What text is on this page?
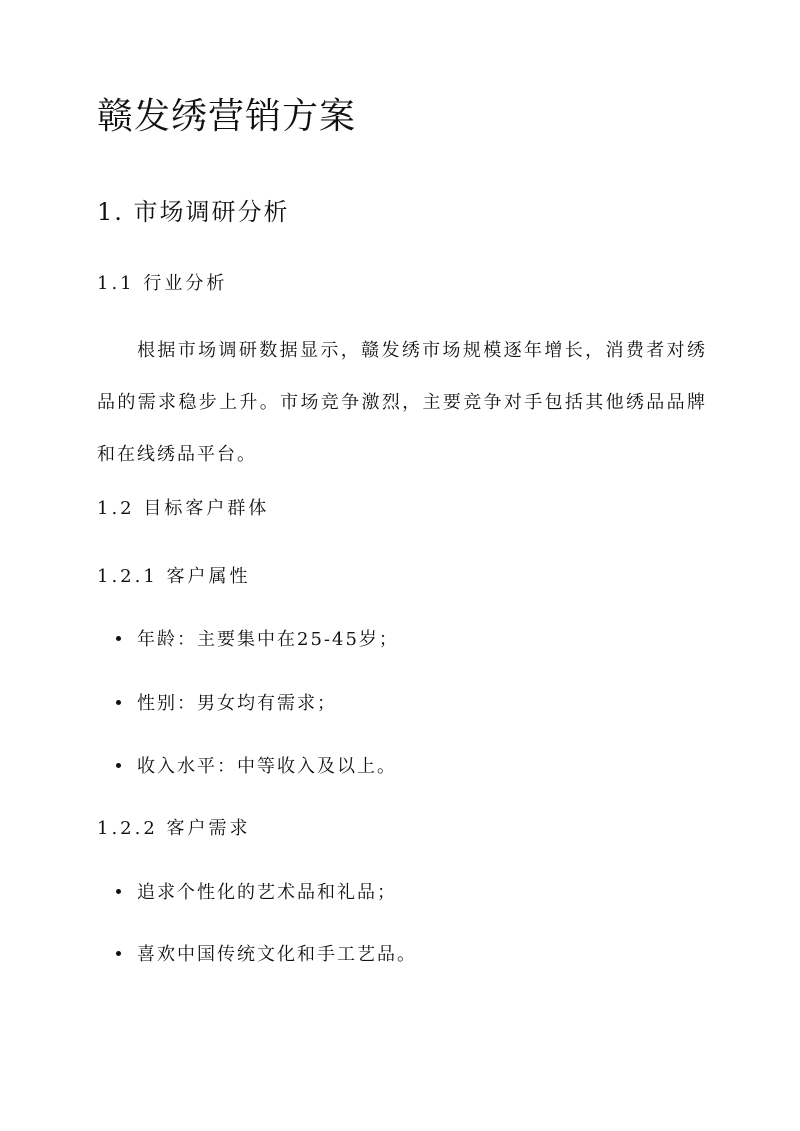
赣发绣营销方案
1. 市场调研分析
1.1 行业分析

根据市场调研数据显示，赣发绣市场规模逐年增长，消费者对绣品的需求稳步上升。市场竞争激烈，主要竞争对手包括其他绣品品牌和在线绣品平台。

1.2 目标客户群体
1.2.1 客户属性
年龄：主要集中在25-45岁；
性别：男女均有需求；
收入水平：中等收入及以上。
1.2.2 客户需求
追求个性化的艺术品和礼品；
喜欢中国传统文化和手工艺品。
